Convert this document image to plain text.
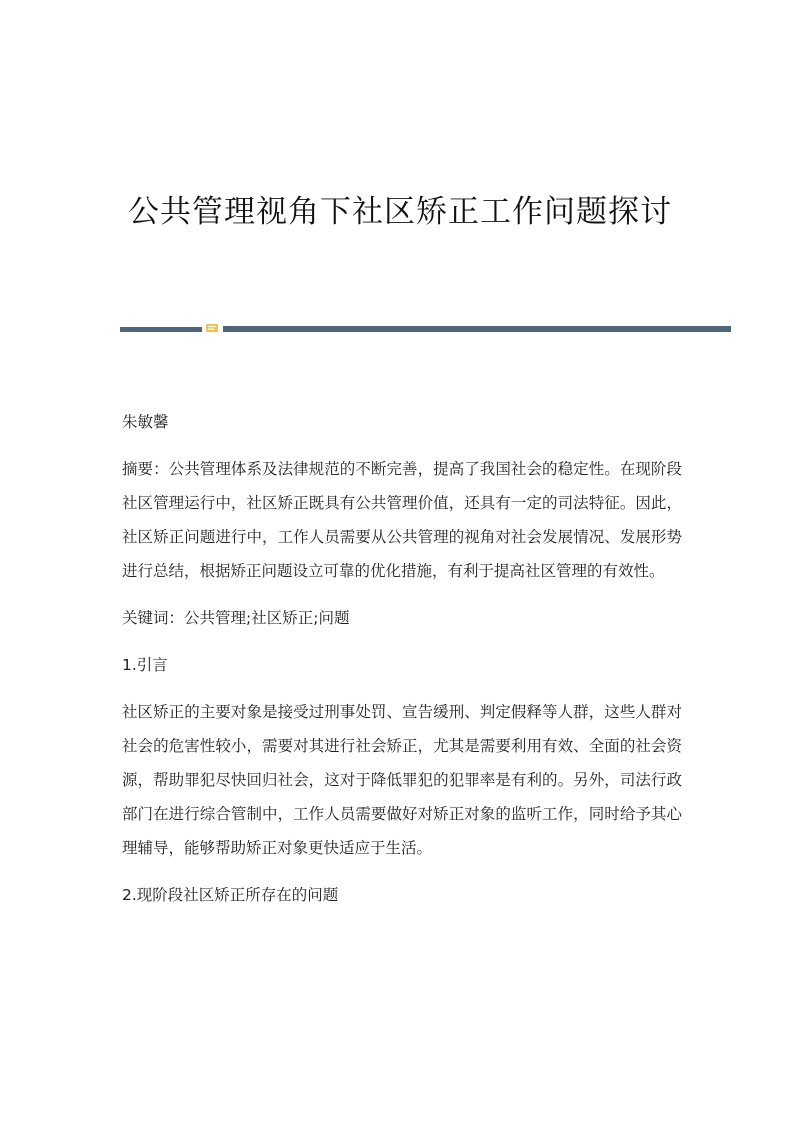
公共管理视角下社区矫正工作问题探讨

朱敏馨

摘要：公共管理体系及法律规范的不断完善，提高了我国社会的稳定性。在现阶段社区管理运行中，社区矫正既具有公共管理价值，还具有一定的司法特征。因此，社区矫正问题进行中，工作人员需要从公共管理的视角对社会发展情况、发展形势进行总结，根据矫正问题设立可靠的优化措施，有利于提高社区管理的有效性。

关键词：公共管理;社区矫正;问题

1.引言

社区矫正的主要对象是接受过刑事处罚、宣告缓刑、判定假释等人群，这些人群对社会的危害性较小，需要对其进行社会矫正，尤其是需要利用有效、全面的社会资源，帮助罪犯尽快回归社会，这对于降低罪犯的犯罪率是有利的。另外，司法行政部门在进行综合管制中，工作人员需要做好对矫正对象的监听工作，同时给予其心理辅导，能够帮助矫正对象更快适应于生活。

2.现阶段社区矫正所存在的问题
